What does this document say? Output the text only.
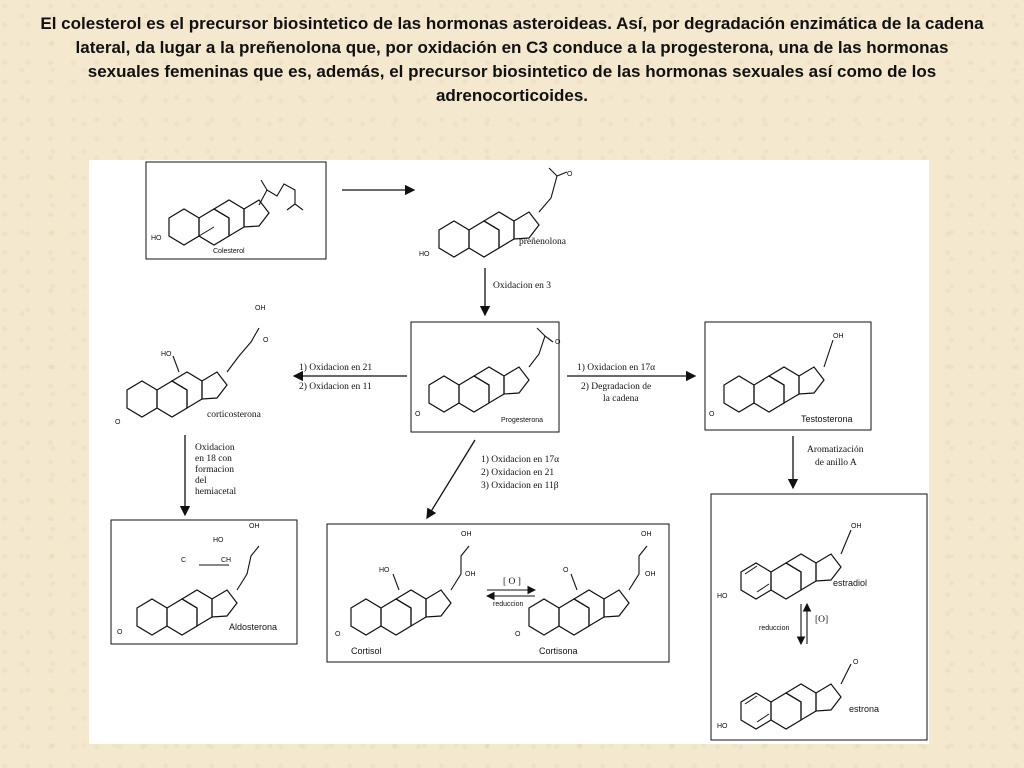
El colesterol es el precursor biosintetico de las hormonas asteroideas. Así, por degradación enzimática de la cadena lateral, da lugar a la preñenolona que, por oxidación en C3 conduce a la progesterona, una de las hormonas sexuales femeninas que es, además, el precursor biosintetico de las hormonas sexuales así como de los adrenocorticoides.
HO
Colesterol
O
HO
preñenolona
Oxidacion en 3
O
O
Progesterona
1) Oxidacion en 21
2) Oxidacion en 11
1) Oxidacion en 17α
2) Degradacion de
la cadena
OH
O
HO
O
corticosterona
Oxidacion
en 18 con
formacion
del
hemiacetal
OH
HO
C	CH
O
Aldosterona
1) Oxidacion en 17α
2) Oxidacion en 21
3) Oxidacion en 11β
OH
HO
OH
O
Cortisol
[ O ]
reduccion
OH
O
OH
O
Cortisona
OH
O	Testosterona
Aromatización
de anillo A
OH
HO
estradiol
reduccion
[O]
O
HO
estrona
